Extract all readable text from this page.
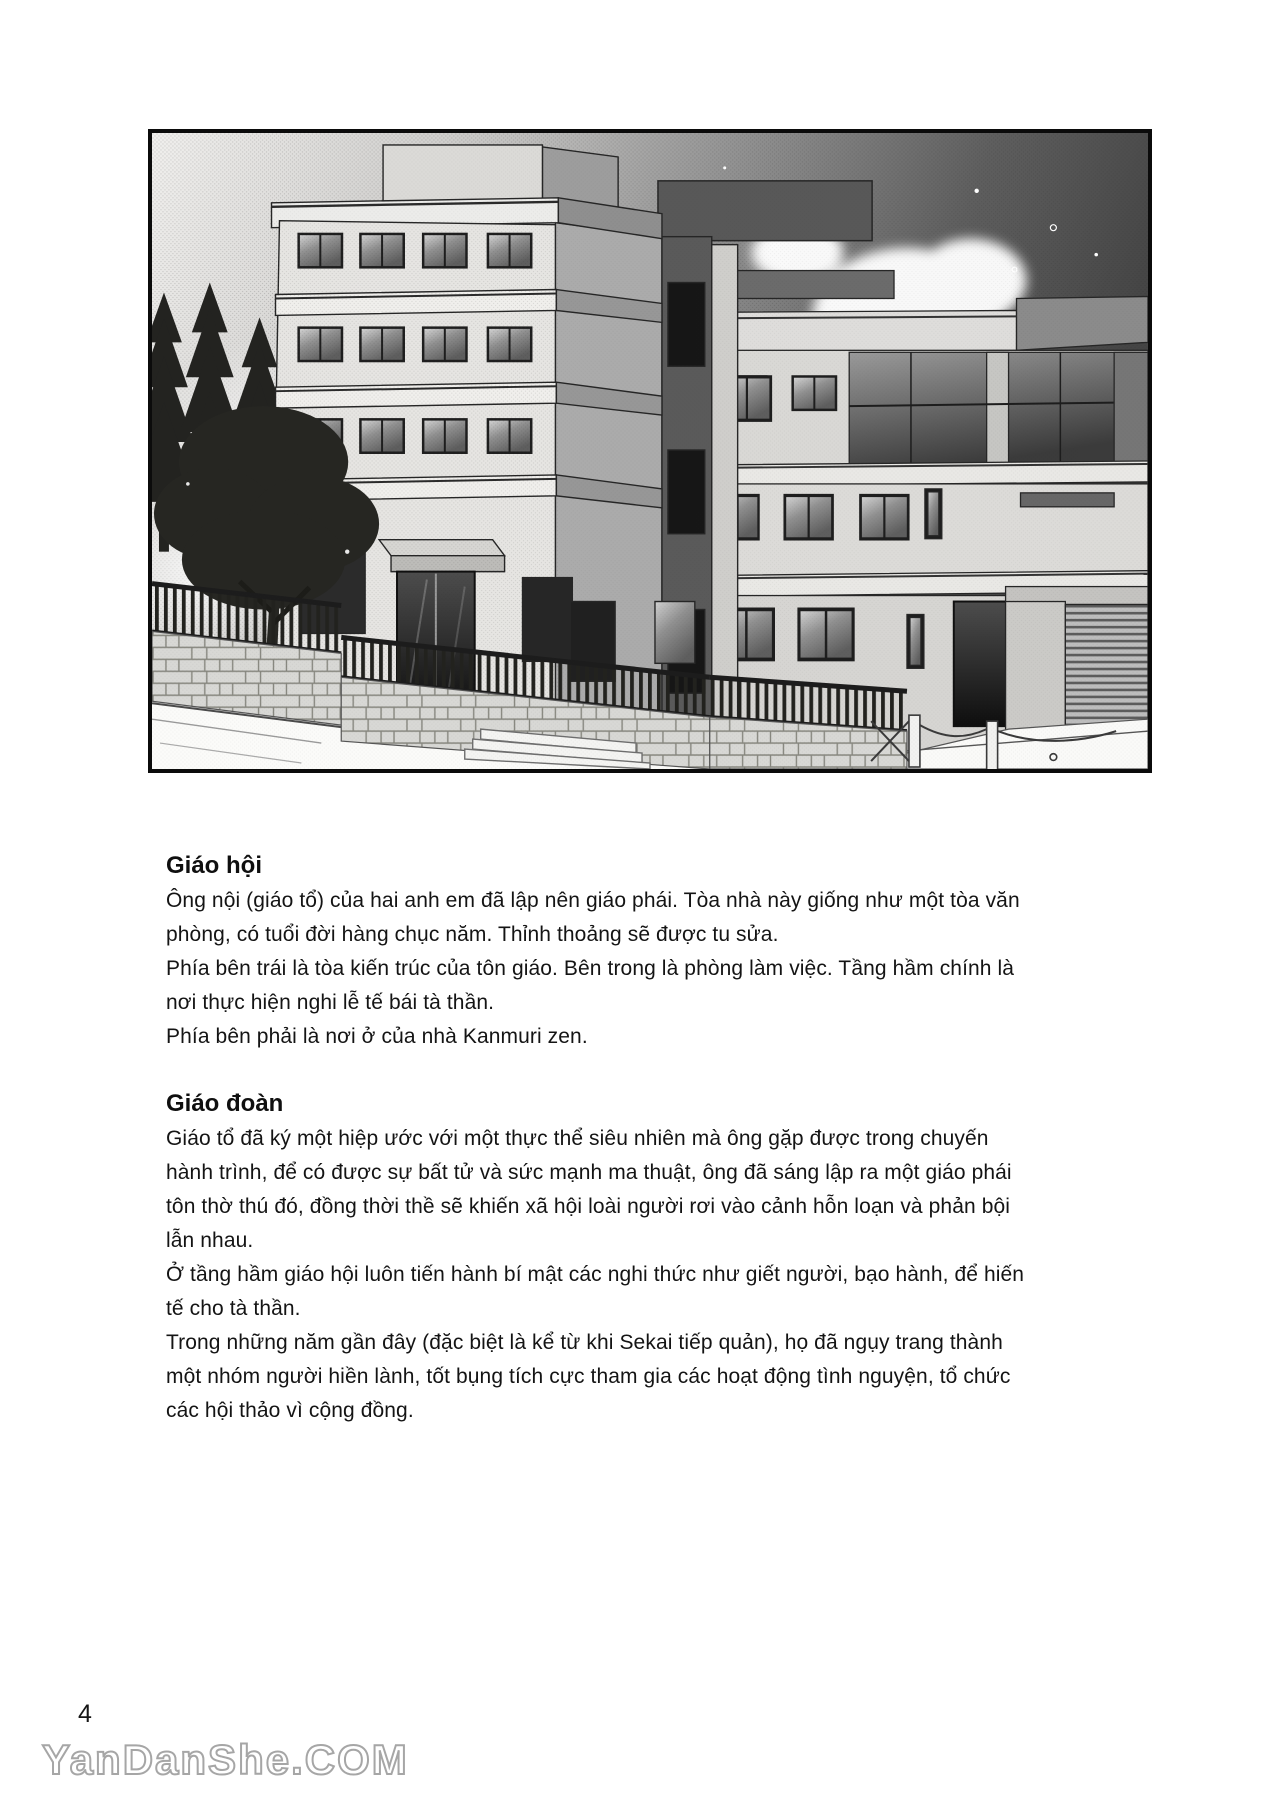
Giáo hội
Ông nội (giáo tổ) của hai anh em đã lập nên giáo phái. Tòa nhà này giống như một tòa văn
phòng, có tuổi đời hàng chục năm. Thỉnh thoảng sẽ được tu sửa.
Phía bên trái là tòa kiến trúc của tôn giáo. Bên trong là phòng làm việc. Tầng hầm chính là
nơi thực hiện nghi lễ tế bái tà thần.
Phía bên phải là nơi ở của nhà Kanmuri zen.
Giáo đoàn
Giáo tổ đã ký một hiệp ước với một thực thể siêu nhiên mà ông gặp được trong chuyến
hành trình, để có được sự bất tử và sức mạnh ma thuật, ông đã sáng lập ra một giáo phái
tôn thờ thú đó, đồng thời thề sẽ khiến xã hội loài người rơi vào cảnh hỗn loạn và phản bội
lẫn nhau.
Ở tầng hầm giáo hội luôn tiến hành bí mật các nghi thức như giết người, bạo hành, để hiến
tế cho tà thần.
Trong những năm gần đây (đặc biệt là kể từ khi Sekai tiếp quản), họ đã ngụy trang thành
một nhóm người hiền lành, tốt bụng tích cực tham gia các hoạt động tình nguyện, tổ chức
các hội thảo vì cộng đồng.
4
YanDanShe.COM
